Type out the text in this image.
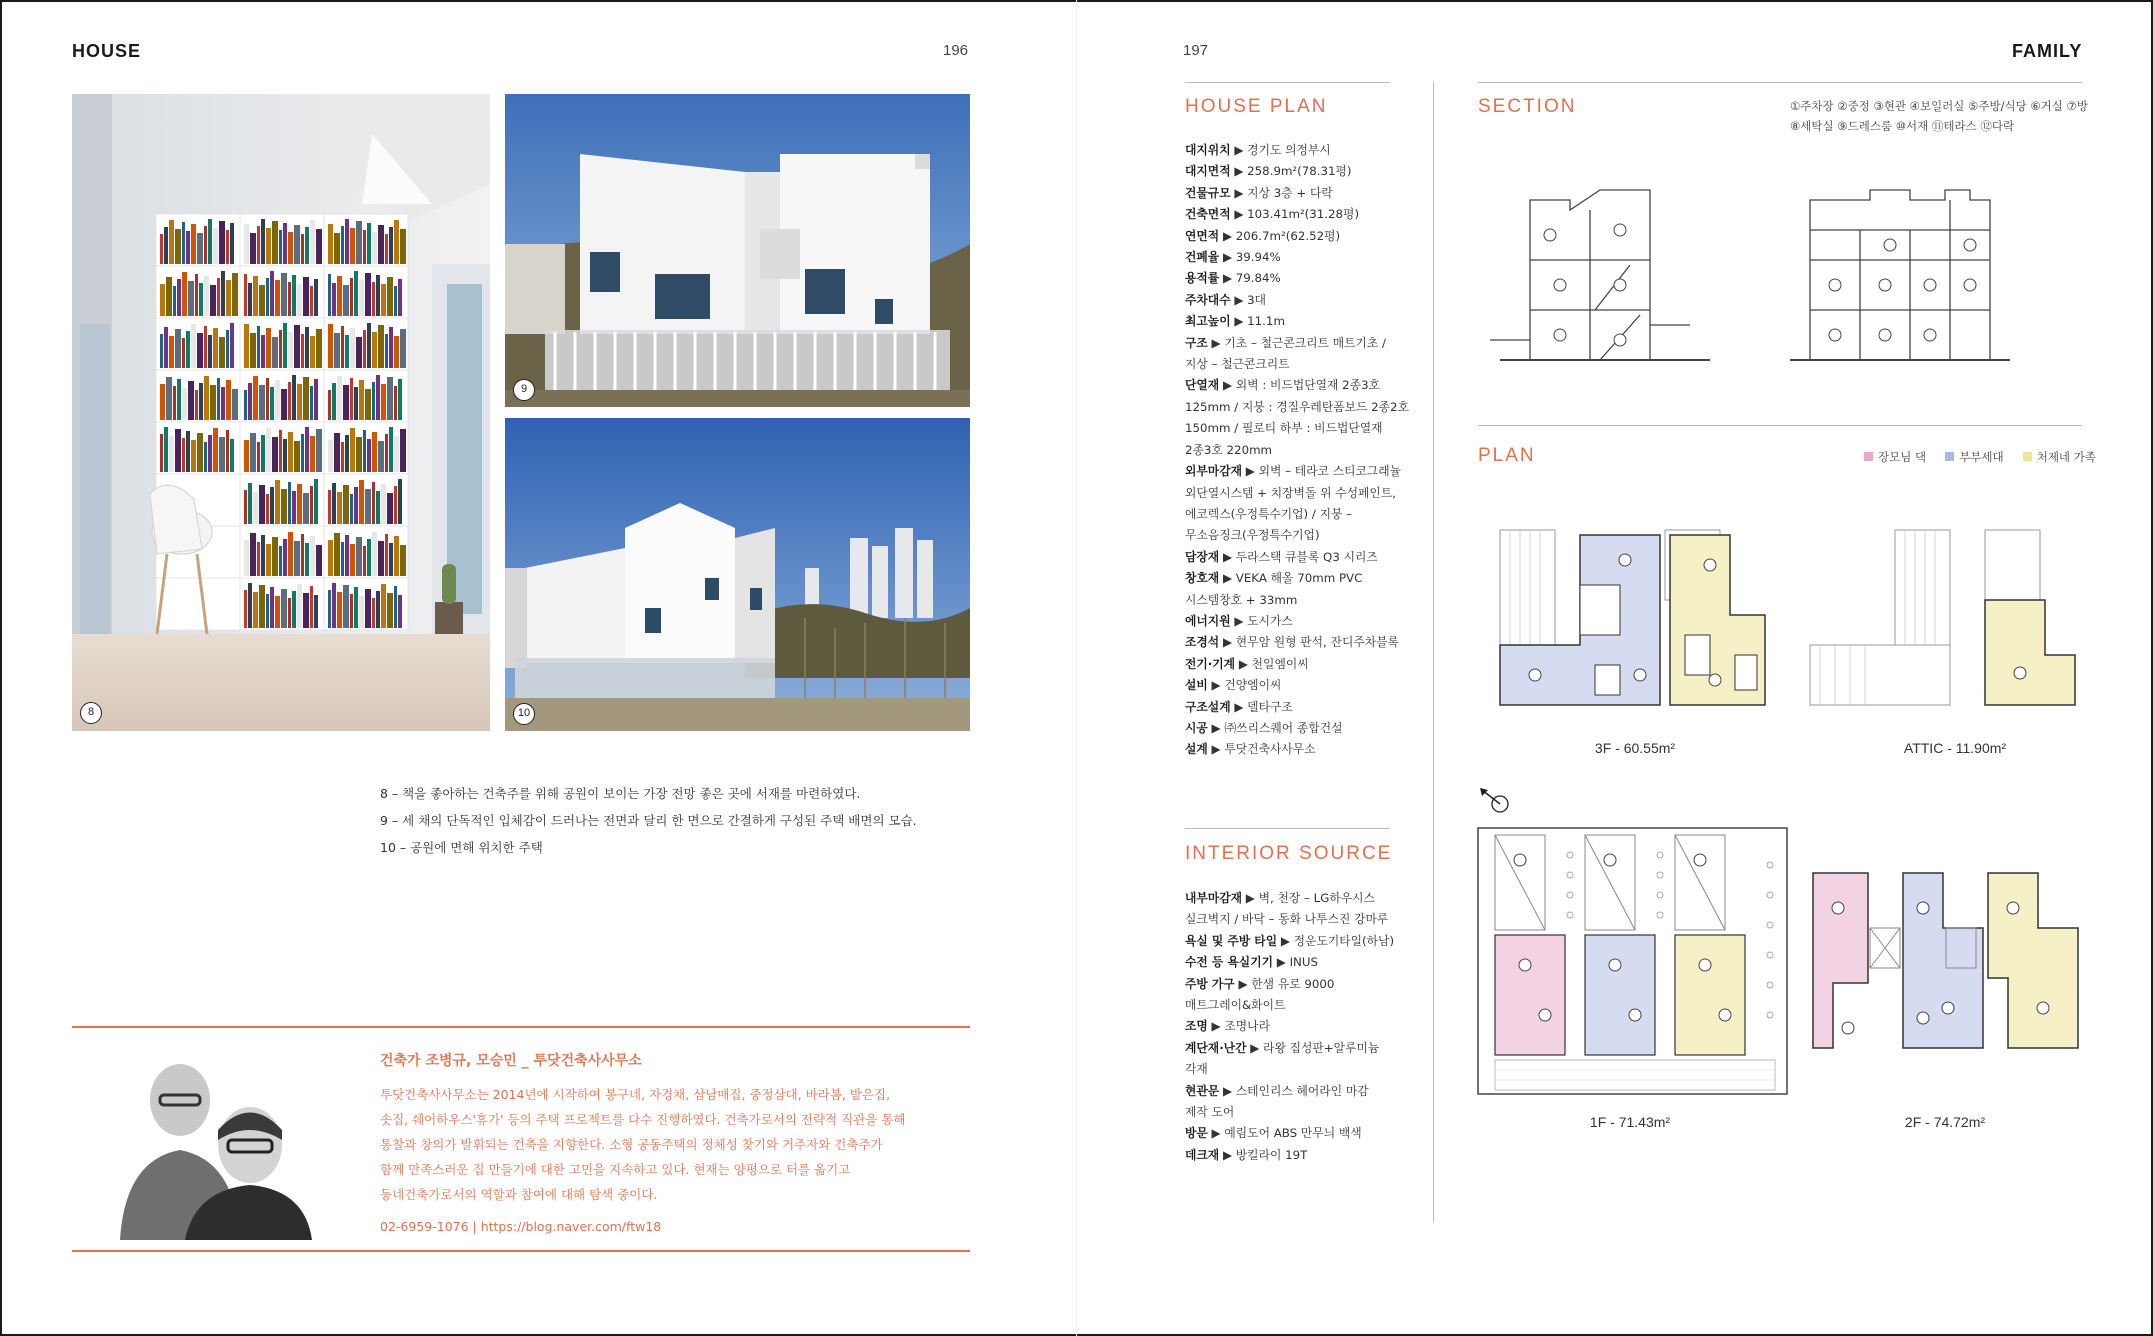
HOUSE	196
8
9
10
8 – 책을 좋아하는 건축주를 위해 공원이 보이는 가장 전망 좋은 곳에 서재를 마련하였다.
9 – 세 채의 단독적인 입체감이 드러나는 전면과 달리 한 면으로 간결하게 구성된 주택 배면의 모습.
10 – 공원에 면해 위치한 주택
건축가 조병규, 모승민 _ 투닷건축사사무소
투닷건축사사무소는 2014년에 시작하여 봉구네, 자경채, 삼남매집, 중정삼대, 바라봄, 밭은집,
솟집, 쉐어하우스'휴가' 등의 주택 프로젝트를 다수 진행하였다. 건축가로서의 전략적 직관을 통해
통찰과 창의가 발휘되는 건축을 지향한다. 소형 공동주택의 정체성 찾기와 거주자와 건축주가
함께 만족스러운 집 만들기에 대한 고민을 지속하고 있다. 현재는 양평으로 터를 옮기고
동네건축가로서의 역할과 참여에 대해 탐색 중이다.
02-6959-1076 | https://blog.naver.com/ftw18
197	FAMILY
HOUSE PLAN
대지위치 ▶ 경기도 의정부시
대지면적 ▶ 258.9m²(78.31평)
건물규모 ▶ 지상 3층 + 다락
건축면적 ▶ 103.41m²(31.28평)
연면적 ▶ 206.7m²(62.52평)
건폐율 ▶ 39.94%
용적률 ▶ 79.84%
주차대수 ▶ 3대
최고높이 ▶ 11.1m
구조 ▶ 기초 – 철근콘크리트 매트기초 /
지상 – 철근콘크리트
단열재 ▶ 외벽 : 비드법단열재 2종3호
125mm / 지붕 : 경질우레탄폼보드 2종2호
150mm / 필로티 하부 : 비드법단열재
2종3호 220mm
외부마감재 ▶ 외벽 – 테라코 스티코그래뉼
외단열시스템 + 치장벽돌 위 수성페인트,
에코렉스(우정특수기업) / 지붕 –
무소음징크(우정특수기업)
담장재 ▶ 두라스택 큐블록 Q3 시리즈
창호재 ▶ VEKA 해올 70mm PVC
시스템창호 + 33mm
에너지원 ▶ 도시가스
조경석 ▶ 현무암 원형 판석, 잔디주차블록
전기·기계 ▶ 천일엠이씨
설비 ▶ 건양엠이씨
구조설계 ▶ 델타구조
시공 ▶ ㈜쓰리스퀘어 종합건설
설계 ▶ 투닷건축사사무소
INTERIOR SOURCE
내부마감재 ▶ 벽, 천장 – LG하우시스
실크벽지 / 바닥 – 동화 나투스진 강마루
욕실 및 주방 타일 ▶ 정운도기타일(하남)
수전 등 욕실기기 ▶ INUS
주방 가구 ▶ 한샘 유로 9000
매트그레이&화이트
조명 ▶ 조명나라
계단재·난간 ▶ 라왕 집성판+알루미늄
각재
현관문 ▶ 스테인리스 헤어라인 마감
제작 도어
방문 ▶ 예림도어 ABS 만무늬 백색
데크재 ▶ 방킬라이 19T
SECTION	①주차장 ②중정 ③현관 ④보일러실 ⑤주방/식당 ⑥거실 ⑦방
⑧세탁실 ⑨드레스룸 ⑩서재 ⑪테라스 ⑫다락
PLAN	장모님 댁
	부부세대
	처제네 가족
3F - 60.55m²	ATTIC - 11.90m²
1F - 71.43m²	2F - 74.72m²
